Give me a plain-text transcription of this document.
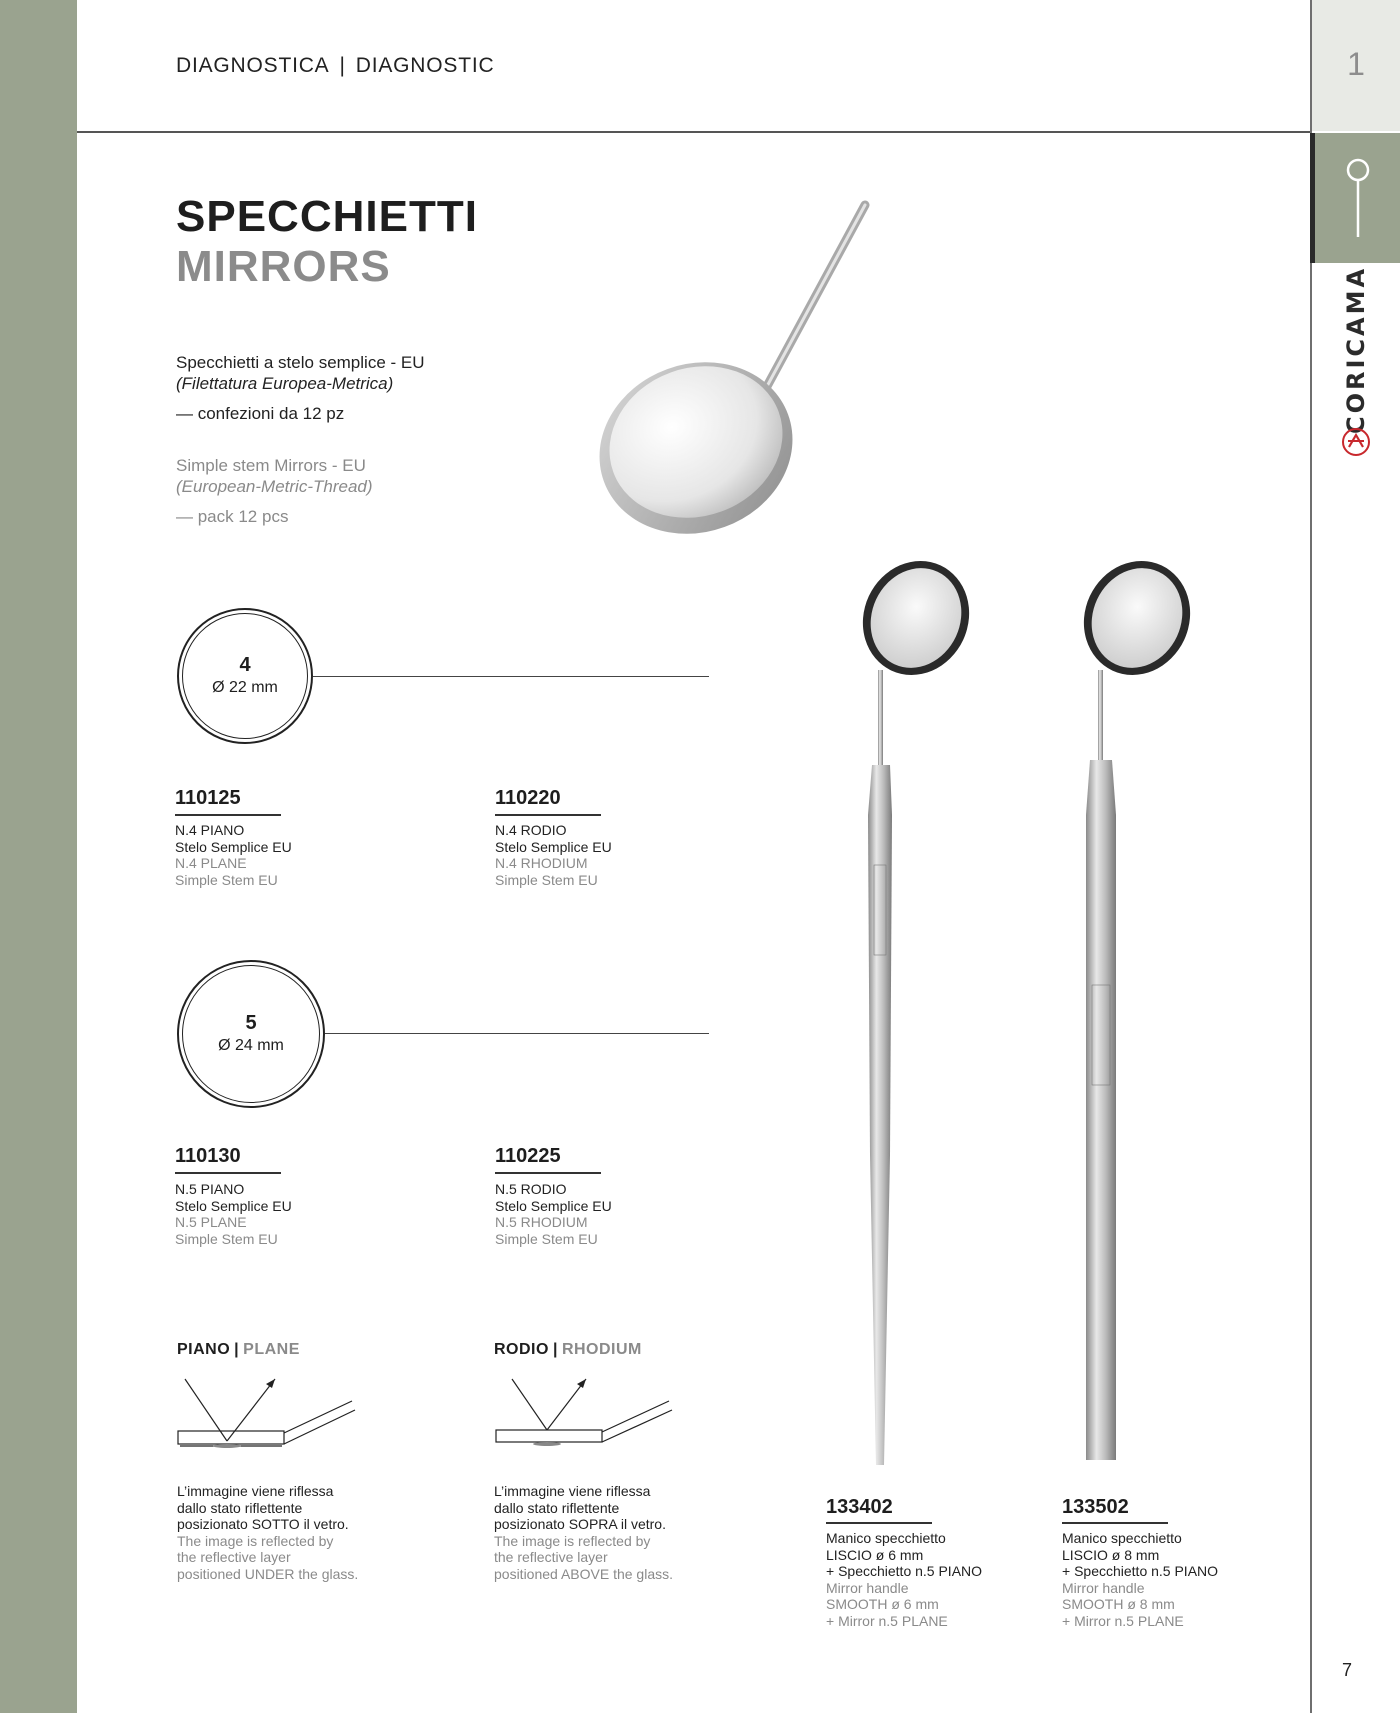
DIAGNOSTICA | DIAGNOSTIC	1
CORICAMA
7
SPECCHIETTI
MIRRORS
Specchietti a stelo semplice - EU
(Filettatura Europea-Metrica)
— confezioni da 12 pz
Simple stem Mirrors - EU
(European-Metric-Thread)
— pack 12 pcs
4
Ø 22 mm
110125
N.4 PIANO
Stelo Semplice EU
N.4 PLANE
Simple Stem EU
110220
N.4 RODIO
Stelo Semplice EU
N.4 RHODIUM
Simple Stem EU
5
Ø 24 mm
110130
N.5 PIANO
Stelo Semplice EU
N.5 PLANE
Simple Stem EU
110225
N.5 RODIO
Stelo Semplice EU
N.5 RHODIUM
Simple Stem EU
PIANO | PLANE
L’immagine viene riflessa
dallo stato riflettente
posizionato SOTTO il vetro.
The image is reflected by
the reflective layer
positioned UNDER the glass.
RODIO | RHODIUM
L’immagine viene riflessa
dallo stato riflettente
posizionato SOPRA il vetro.
The image is reflected by
the reflective layer
positioned ABOVE the glass.
133402
Manico specchietto
LISCIO ø 6 mm
+ Specchietto n.5 PIANO
Mirror handle
SMOOTH ø 6 mm
+ Mirror n.5 PLANE
133502
Manico specchietto
LISCIO ø 8 mm
+ Specchietto n.5 PIANO
Mirror handle
SMOOTH ø 8 mm
+ Mirror n.5 PLANE
